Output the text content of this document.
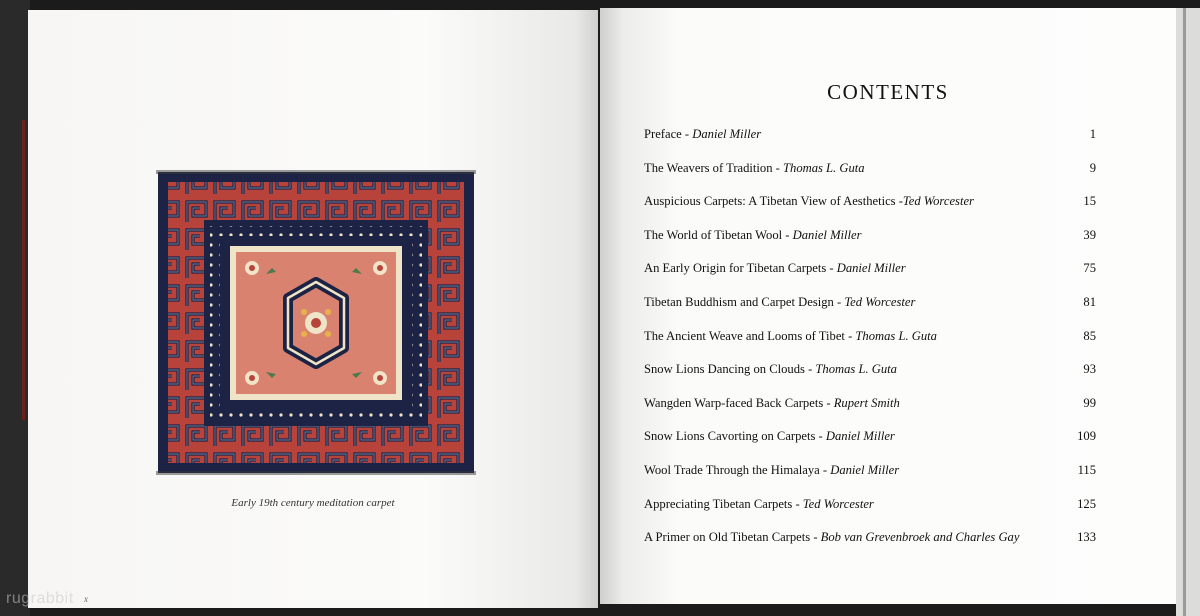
Early 19th century meditation carpet
x
rugrabbit
CONTENTS
Preface - Daniel Miller	1
The Weavers of Tradition - Thomas L. Guta	9
Auspicious Carpets: A Tibetan View of Aesthetics -Ted Worcester	15
The World of Tibetan Wool - Daniel Miller	39
An Early Origin for Tibetan Carpets - Daniel Miller	75
Tibetan Buddhism and Carpet Design - Ted Worcester	81
The Ancient Weave and Looms of Tibet - Thomas L. Guta	85
Snow Lions Dancing on Clouds - Thomas L. Guta	93
Wangden Warp-faced Back Carpets - Rupert Smith	99
Snow Lions Cavorting on Carpets - Daniel Miller	109
Wool Trade Through the Himalaya - Daniel Miller	115
Appreciating Tibetan Carpets - Ted Worcester	125
A Primer on Old Tibetan Carpets - Bob van Grevenbroek and Charles Gay	133
